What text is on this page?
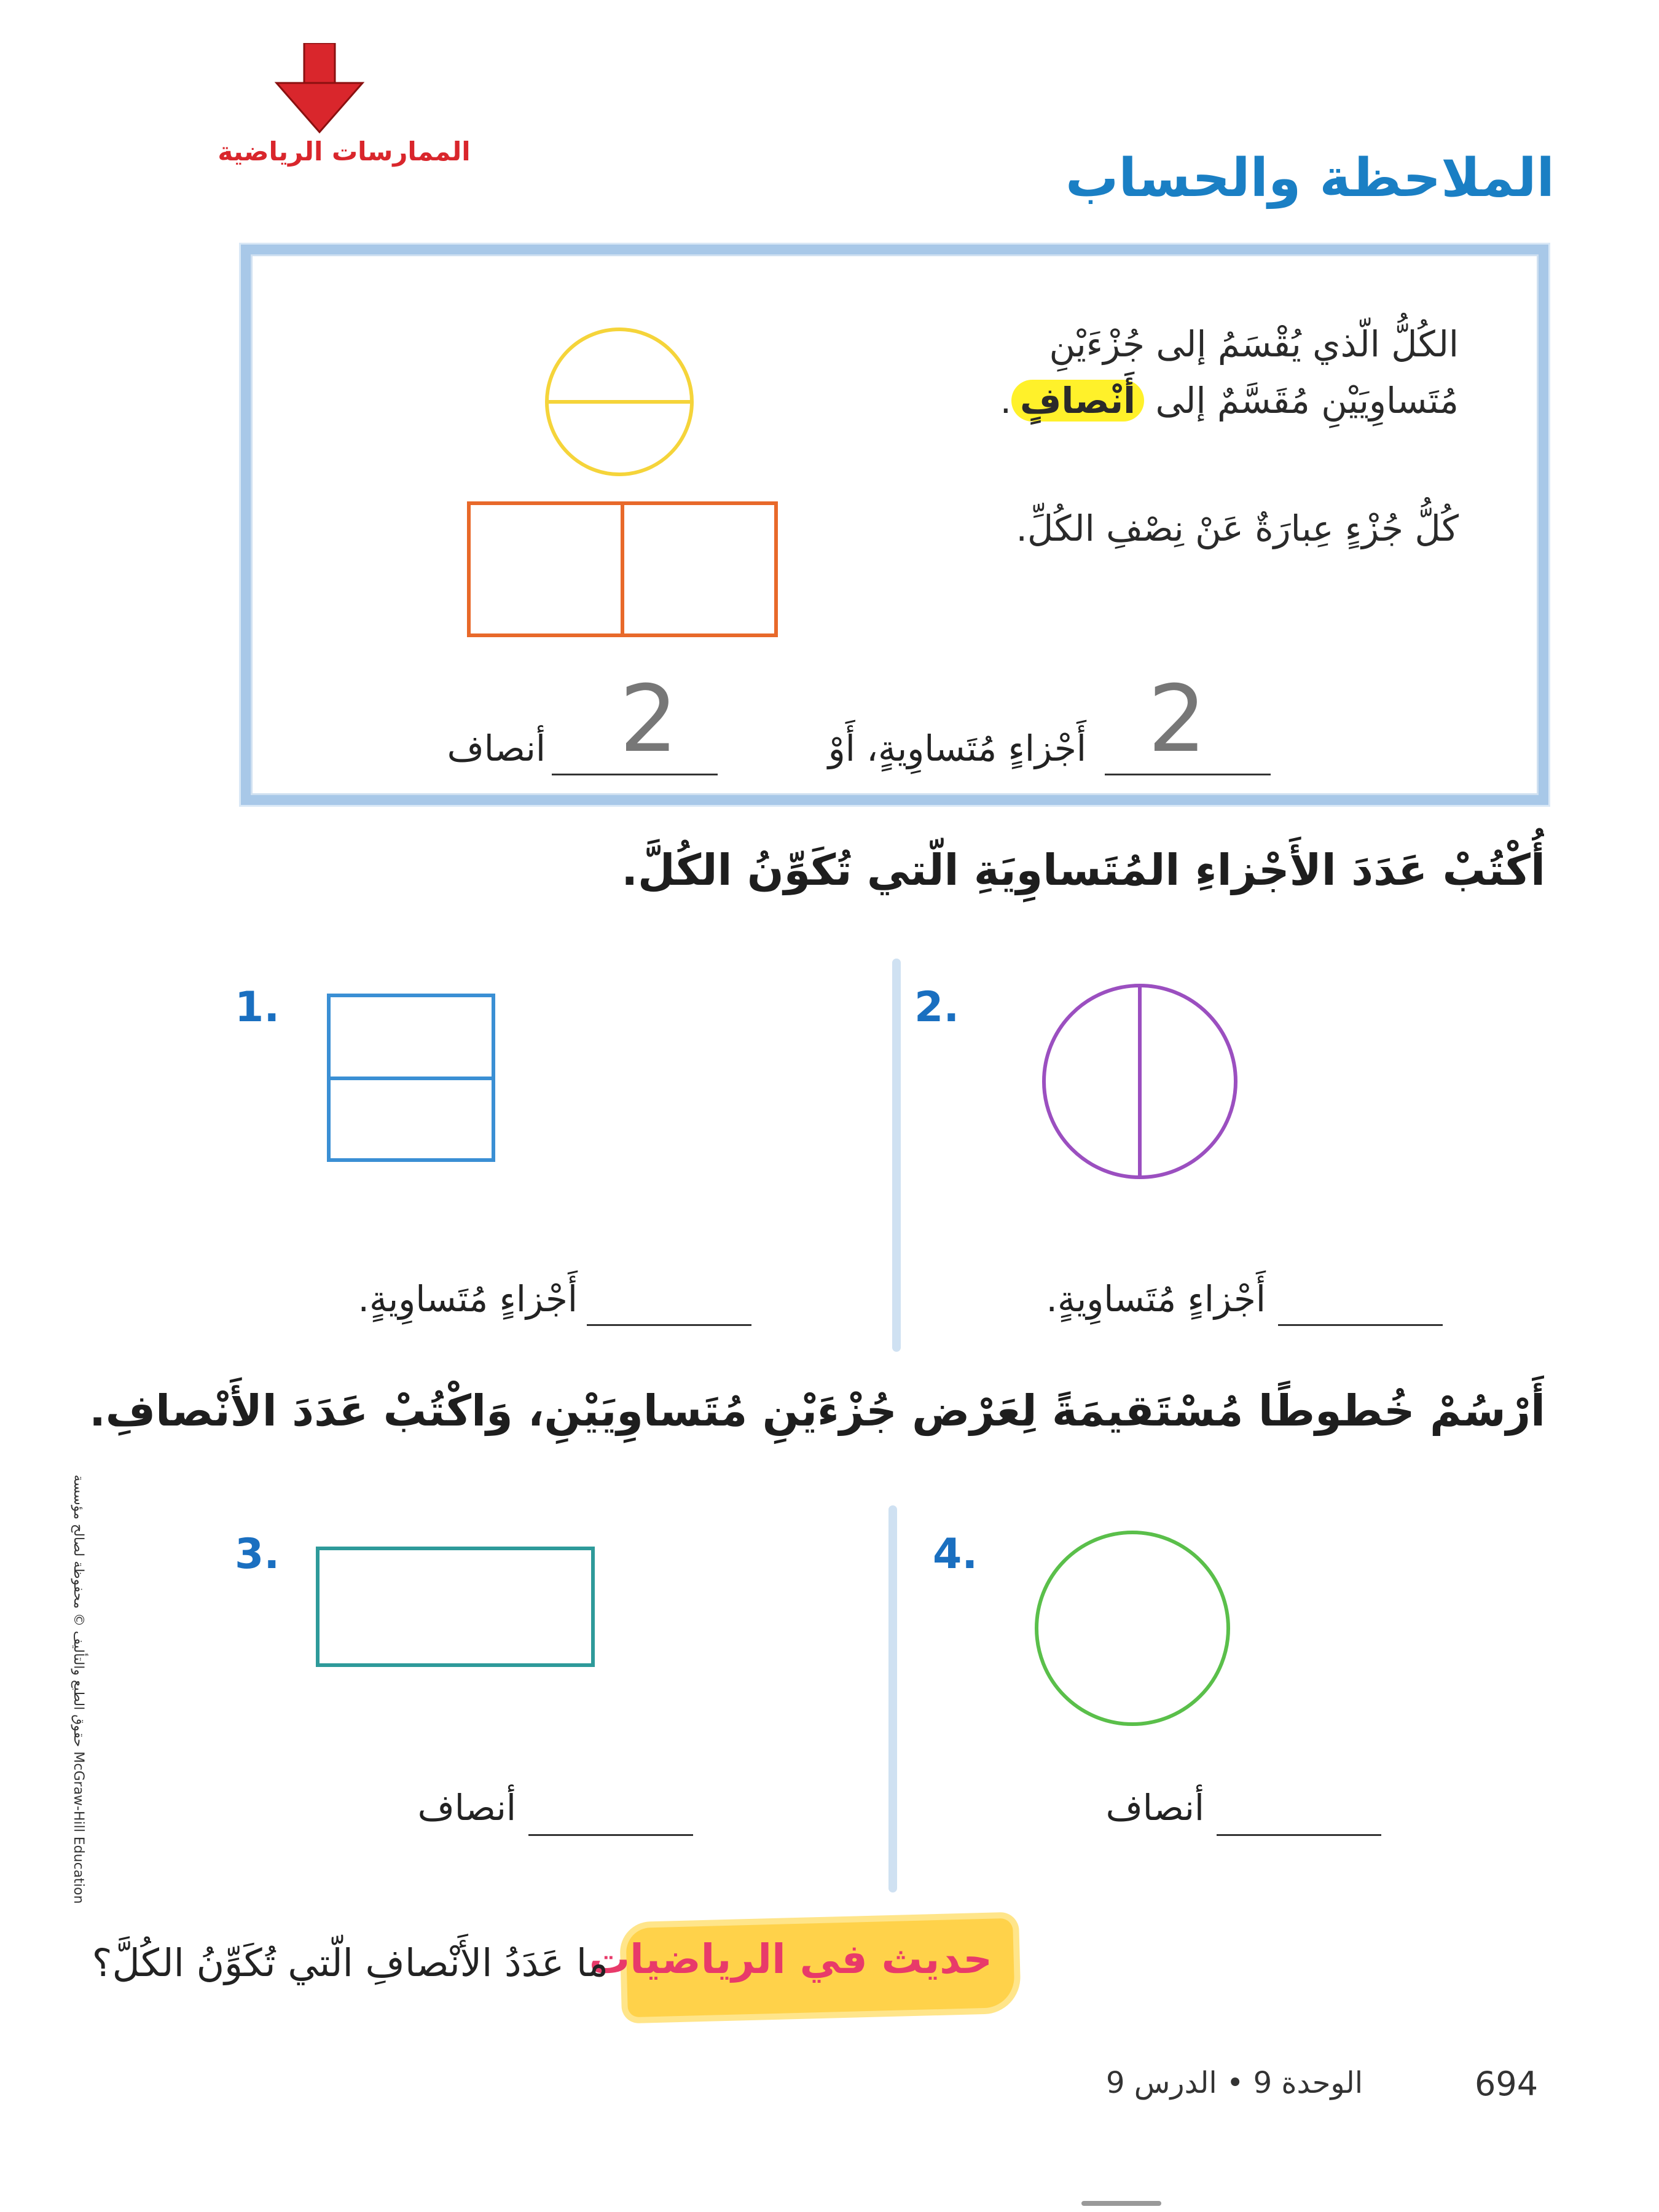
الممارسات الرياضية	الملاحظة والحساب
الكُلُّ الّذي يُقْسَمُ إلى جُزْءَيْنِ مُتَساوِيَيْنِ مُقَسَّمٌ إلى أَنْصافٍ.
كُلُّ جُزْءٍ عِبارَةٌ عَنْ نِصْفِ الكُلِّ.
2
أَجْزاءٍ مُتَساوِيةٍ، أَوْ
2
أنصاف
أُكْتُبْ عَدَدَ الأَجْزاءِ المُتَساوِيَةِ الّتي تُكَوِّنُ الكُلَّ.
1.
أَجْزاءٍ مُتَساوِيةٍ.
2.
أَجْزاءٍ مُتَساوِيةٍ.
أَرْسُمْ خُطوطًا مُسْتَقيمَةً لِعَرْض جُزْءَيْنِ مُتَساوِيَيْنِ، وَاكْتُبْ عَدَدَ الأَنْصافِ.
3.
أنصاف
4.
أنصاف
حديث في الرياضيات
ما عَدَدُ الأَنْصافِ الّتي تُكَوِّنُ الكُلَّ؟
الوحدة 9 • الدرس 9	694
حقوق الطبع والتأليف © محفوظة لصالح مؤسسة McGraw-Hill Education
